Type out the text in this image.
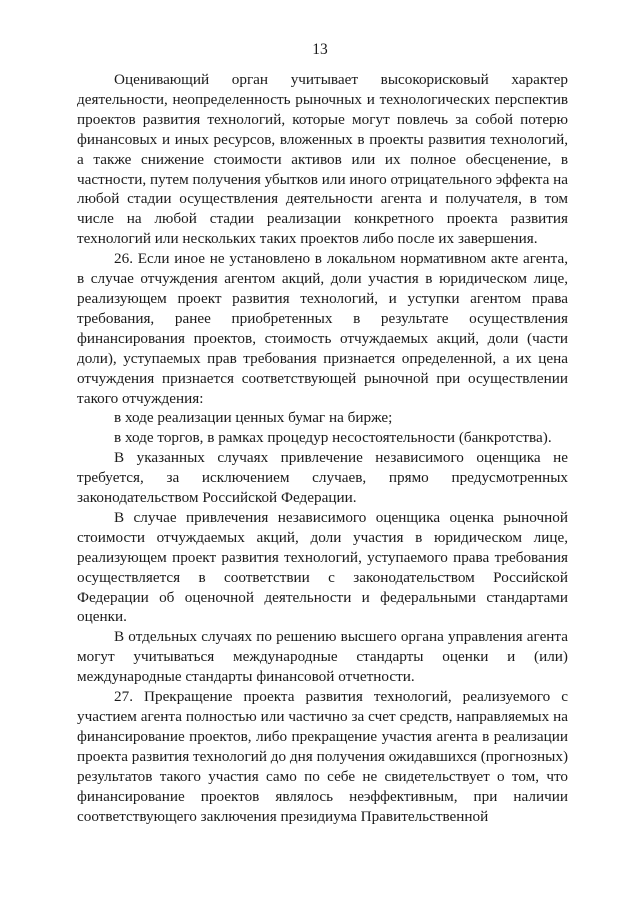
13

Оценивающий орган учитывает высокорисковый характер деятельности, неопределенность рыночных и технологических перспектив проектов развития технологий, которые могут повлечь за собой потерю финансовых и иных ресурсов, вложенных в проекты развития технологий, а также снижение стоимости активов или их полное обесценение, в частности, путем получения убытков или иного отрицательного эффекта на любой стадии осуществления деятельности агента и получателя, в том числе на любой стадии реализации конкретного проекта развития технологий или нескольких таких проектов либо после их завершения.

26. Если иное не установлено в локальном нормативном акте агента, в случае отчуждения агентом акций, доли участия в юридическом лице, реализующем проект развития технологий, и уступки агентом права требования, ранее приобретенных в результате осуществления финансирования проектов, стоимость отчуждаемых акций, доли (части доли), уступаемых прав требования признается определенной, а их цена отчуждения признается соответствующей рыночной при осуществлении такого отчуждения:

в ходе реализации ценных бумаг на бирже;

в ходе торгов, в рамках процедур несостоятельности (банкротства).

В указанных случаях привлечение независимого оценщика не требуется, за исключением случаев, прямо предусмотренных законодательством Российской Федерации.

В случае привлечения независимого оценщика оценка рыночной стоимости отчуждаемых акций, доли участия в юридическом лице, реализующем проект развития технологий, уступаемого права требования осуществляется в соответствии с законодательством Российской Федерации об оценочной деятельности и федеральными стандартами оценки.

В отдельных случаях по решению высшего органа управления агента могут учитываться международные стандарты оценки и (или) международные стандарты финансовой отчетности.

27. Прекращение проекта развития технологий, реализуемого с участием агента полностью или частично за счет средств, направляемых на финансирование проектов, либо прекращение участия агента в реализации проекта развития технологий до дня получения ожидавшихся (прогнозных) результатов такого участия само по себе не свидетельствует о том, что финансирование проектов являлось неэффективным, при наличии соответствующего заключения президиума Правительственной
